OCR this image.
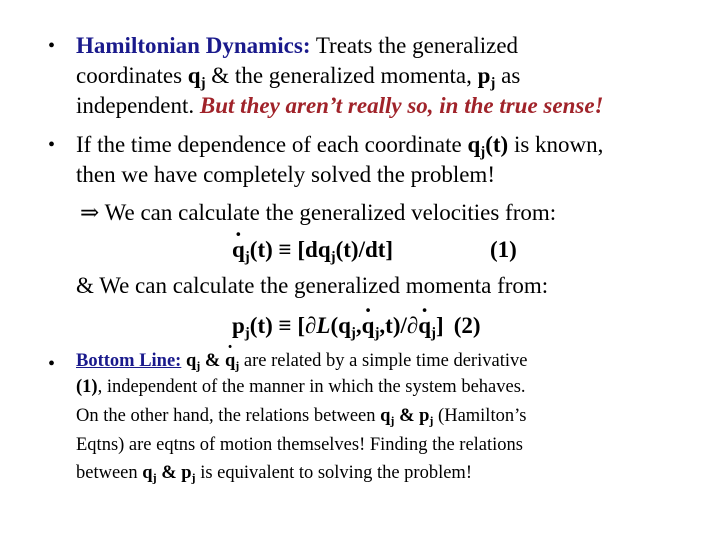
• Hamiltonian Dynamics: Treats the generalized
coordinates $q_j$ & the generalized momenta, $p_j$ as
independent. But they aren’t really so, in the true sense!
• If the time dependence of each coordinate $q_j(t)$ is known,
then we have completely solved the problem!
⇒ We can calculate the generalized velocities from:
· $q_j(t) \equiv [dq_j(t)/dt]$	(1)
& We can calculate the generalized momenta from:
$p_j(t) \equiv [\partial L(q_j,\cdot q_j,t)/\partial\cdot q_j]$ (2)
• Bottom Line: $q_j$ & · $q_j$ are related by a simple time derivative
(1), independent of the manner in which the system behaves.
On the other hand, the relations between $q_j$ & $p_j$ (Hamilton’s
Eqtns) are eqtns of motion themselves! Finding the relations
between $q_j$ & $p_j$ is equivalent to solving the problem!
